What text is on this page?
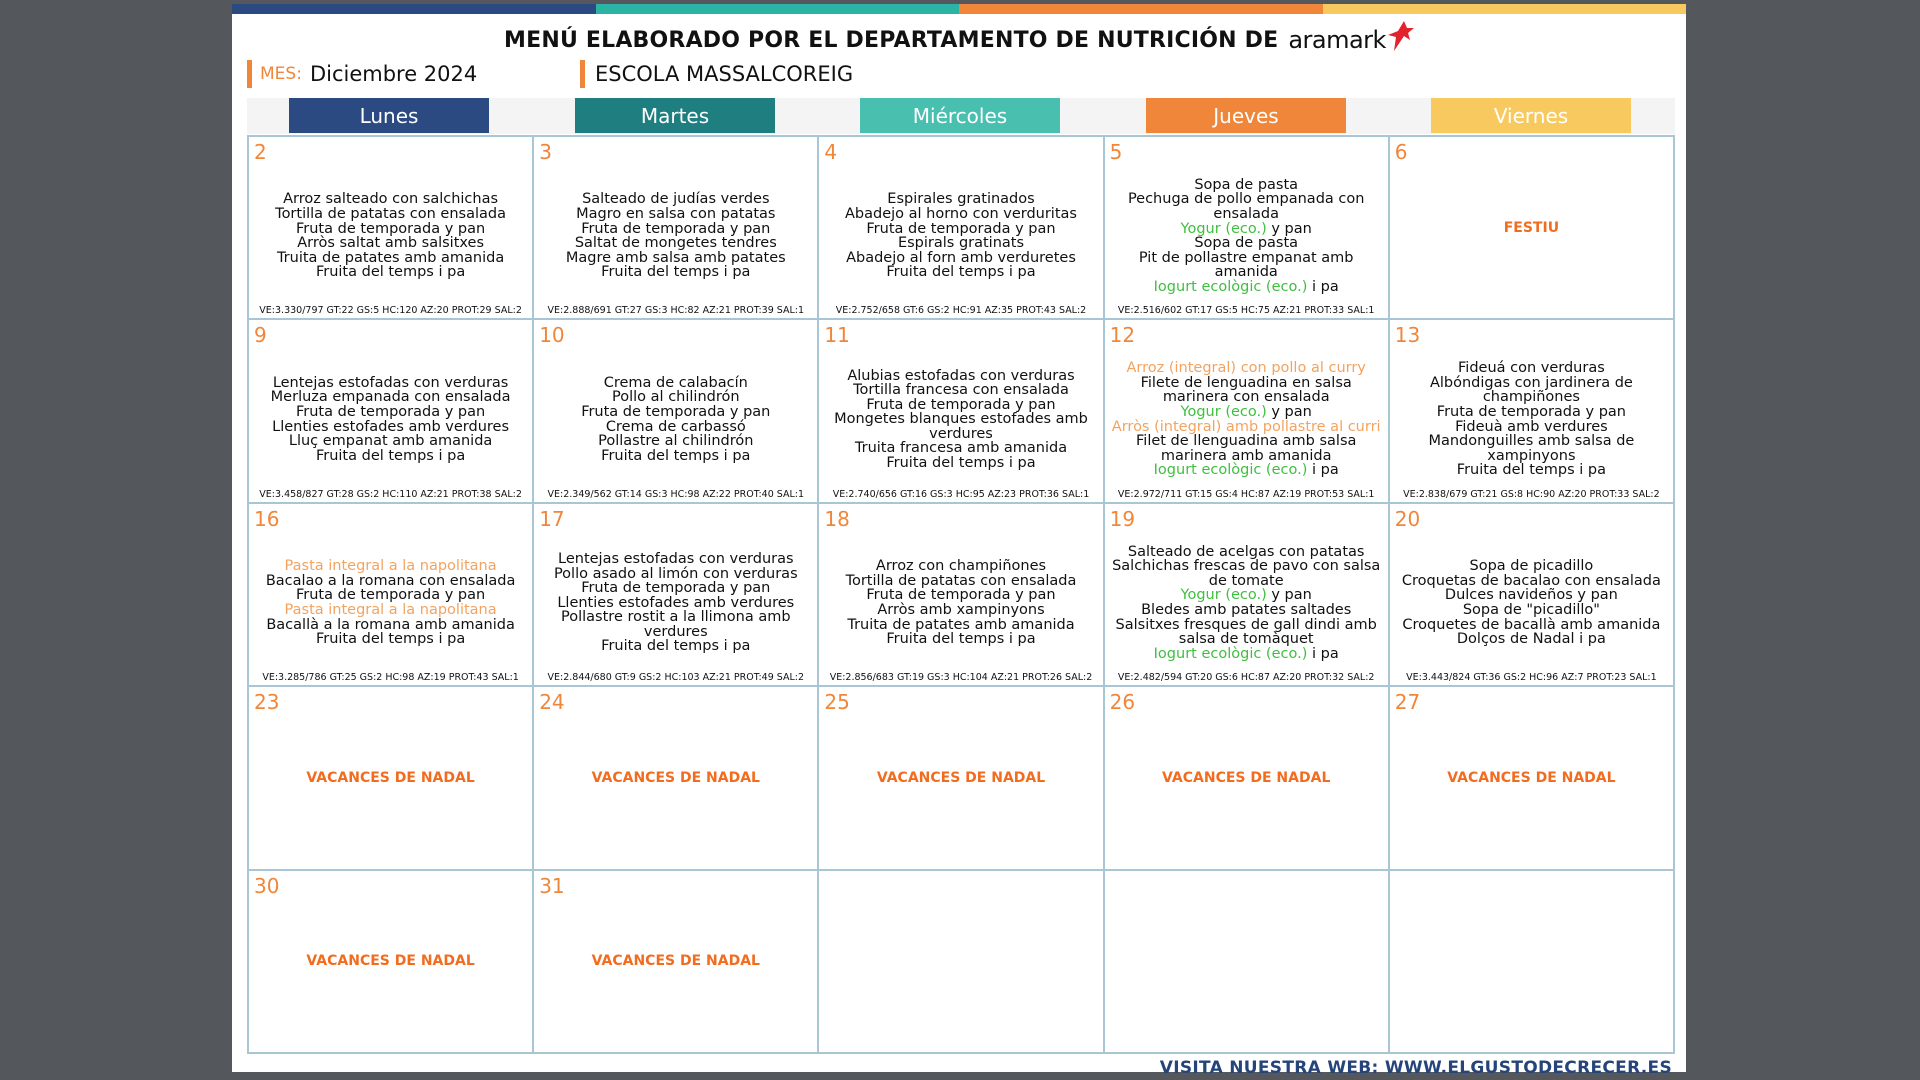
MENÚ ELABORADO POR EL DEPARTAMENTO DE NUTRICIÓN DE aramark
MES: Diciembre 2024	ESCOLA MASSALCOREIG
Lunes	Martes	Miércoles	Jueves	Viernes
2
Arroz salteado con salchichas
Tortilla de patatas con ensalada
Fruta de temporada y pan
Arròs saltat amb salsitxes
Truita de patates amb amanida
Fruita del temps i pa
VE:3.330/797 GT:22 GS:5 HC:120 AZ:20 PROT:29 SAL:2
3
Salteado de judías verdes
Magro en salsa con patatas
Fruta de temporada y pan
Saltat de mongetes tendres
Magre amb salsa amb patates
Fruita del temps i pa
VE:2.888/691 GT:27 GS:3 HC:82 AZ:21 PROT:39 SAL:1
4
Espirales gratinados
Abadejo al horno con verduritas
Fruta de temporada y pan
Espirals gratinats
Abadejo al forn amb verduretes
Fruita del temps i pa
VE:2.752/658 GT:6 GS:2 HC:91 AZ:35 PROT:43 SAL:2
5
Sopa de pasta
Pechuga de pollo empanada con ensalada
Yogur (eco.) y pan
Sopa de pasta
Pit de pollastre empanat amb amanida
Iogurt ecològic (eco.) i pa
VE:2.516/602 GT:17 GS:5 HC:75 AZ:21 PROT:33 SAL:1
6
FESTIU
9
Lentejas estofadas con verduras
Merluza empanada con ensalada
Fruta de temporada y pan
Llenties estofades amb verdures
Lluç empanat amb amanida
Fruita del temps i pa
VE:3.458/827 GT:28 GS:2 HC:110 AZ:21 PROT:38 SAL:2
10
Crema de calabacín
Pollo al chilindrón
Fruta de temporada y pan
Crema de carbassó
Pollastre al chilindrón
Fruita del temps i pa
VE:2.349/562 GT:14 GS:3 HC:98 AZ:22 PROT:40 SAL:1
11
Alubias estofadas con verduras
Tortilla francesa con ensalada
Fruta de temporada y pan
Mongetes blanques estofades amb verdures
Truita francesa amb amanida
Fruita del temps i pa
VE:2.740/656 GT:16 GS:3 HC:95 AZ:23 PROT:36 SAL:1
12
Arroz (integral) con pollo al curry
Filete de lenguadina en salsa marinera con ensalada
Yogur (eco.) y pan
Arròs (integral) amb pollastre al curri
Filet de llenguadina amb salsa marinera amb amanida
Iogurt ecològic (eco.) i pa
VE:2.972/711 GT:15 GS:4 HC:87 AZ:19 PROT:53 SAL:1
13
Fideuá con verduras
Albóndigas con jardinera de champiñones
Fruta de temporada y pan
Fideuà amb verdures
Mandonguilles amb salsa de xampinyons
Fruita del temps i pa
VE:2.838/679 GT:21 GS:8 HC:90 AZ:20 PROT:33 SAL:2
16
Pasta integral a la napolitana
Bacalao a la romana con ensalada
Fruta de temporada y pan
Pasta integral a la napolitana
Bacallà a la romana amb amanida
Fruita del temps i pa
VE:3.285/786 GT:25 GS:2 HC:98 AZ:19 PROT:43 SAL:1
17
Lentejas estofadas con verduras
Pollo asado al limón con verduras
Fruta de temporada y pan
Llenties estofades amb verdures
Pollastre rostit a la llimona amb verdures
Fruita del temps i pa
VE:2.844/680 GT:9 GS:2 HC:103 AZ:21 PROT:49 SAL:2
18
Arroz con champiñones
Tortilla de patatas con ensalada
Fruta de temporada y pan
Arròs amb xampinyons
Truita de patates amb amanida
Fruita del temps i pa
VE:2.856/683 GT:19 GS:3 HC:104 AZ:21 PROT:26 SAL:2
19
Salteado de acelgas con patatas
Salchichas frescas de pavo con salsa de tomate
Yogur (eco.) y pan
Bledes amb patates saltades
Salsitxes fresques de gall dindi amb salsa de tomàquet
Iogurt ecològic (eco.) i pa
VE:2.482/594 GT:20 GS:6 HC:87 AZ:20 PROT:32 SAL:2
20
Sopa de picadillo
Croquetas de bacalao con ensalada
Dulces navideños y pan
Sopa de "picadillo"
Croquetes de bacallà amb amanida
Dolços de Nadal i pa
VE:3.443/824 GT:36 GS:2 HC:96 AZ:7 PROT:23 SAL:1
23
VACANCES DE NADAL
24
VACANCES DE NADAL
25
VACANCES DE NADAL
26
VACANCES DE NADAL
27
VACANCES DE NADAL
30
VACANCES DE NADAL
31
VACANCES DE NADAL
VISITA NUESTRA WEB: WWW.ELGUSTODECRECER.ES
